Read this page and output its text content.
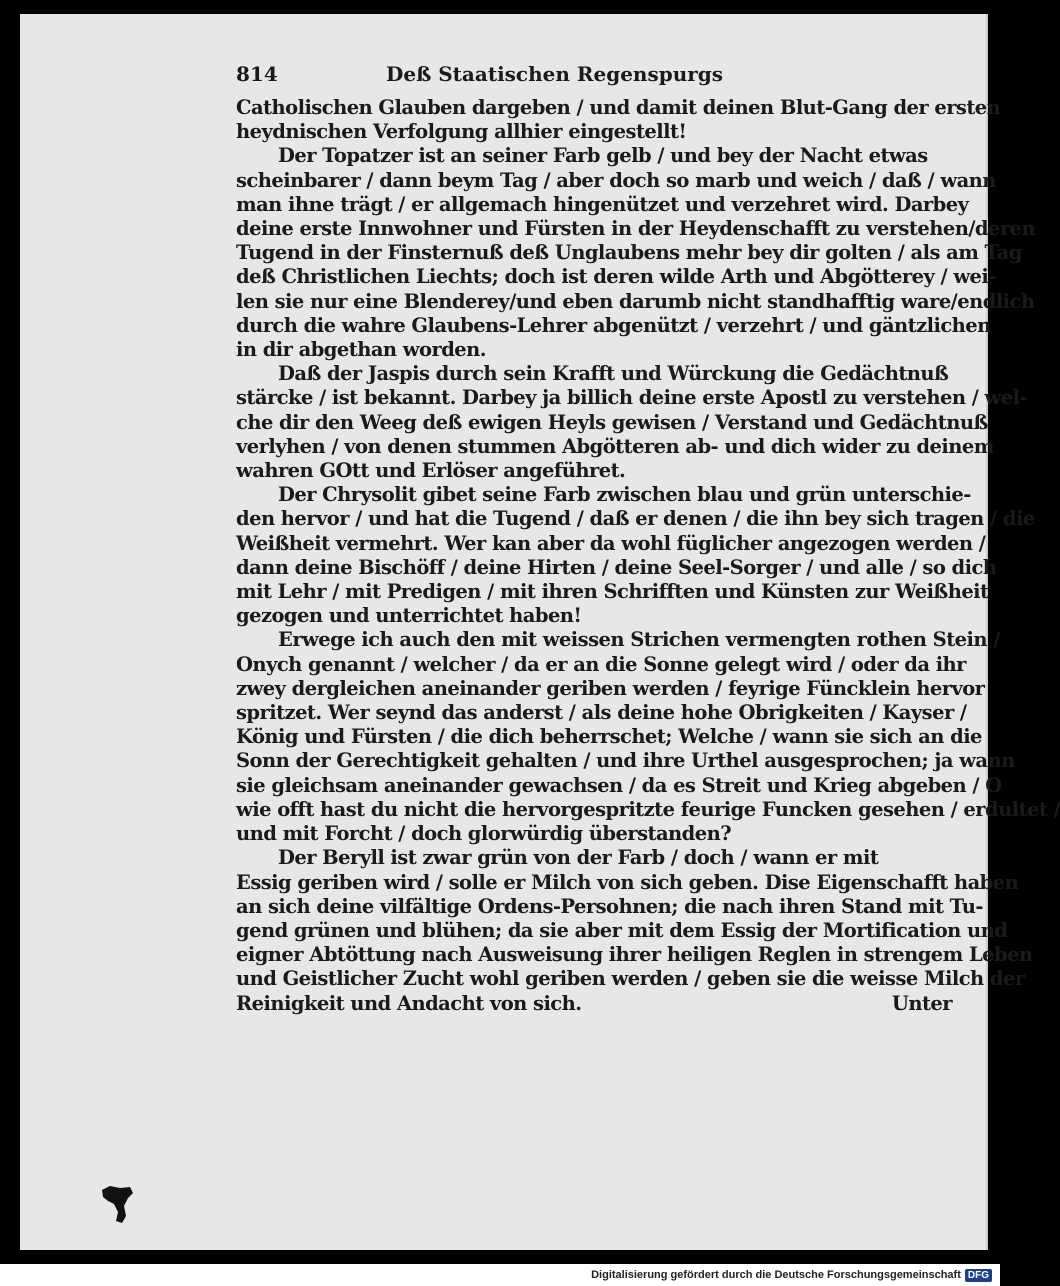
814	Deß Staatischen Regenspurgs
Catholischen Glauben dargeben / und damit deinen Blut-Gang der ersten
heydnischen Verfolgung allhier eingestellt!
Der Topatzer ist an seiner Farb gelb / und bey der Nacht etwas
scheinbarer / dann beym Tag / aber doch so marb und weich / daß / wann
man ihne trägt / er allgemach hingenützet und verzehret wird. Darbey
deine erste Innwohner und Fürsten in der Heydenschafft zu verstehen/deren
Tugend in der Finsternuß deß Unglaubens mehr bey dir golten / als am Tag
deß Christlichen Liechts; doch ist deren wilde Arth und Abgötterey / wei-
len sie nur eine Blenderey/und eben darumb nicht standhafftig ware/endlich
durch die wahre Glaubens-Lehrer abgenützt / verzehrt / und gäntzlichen
in dir abgethan worden.
Daß der Jaspis durch sein Krafft und Würckung die Gedächtnuß
stärcke / ist bekannt. Darbey ja billich deine erste Apostl zu verstehen / wel-
che dir den Weeg deß ewigen Heyls gewisen / Verstand und Gedächtnuß
verlyhen / von denen stummen Abgötteren ab- und dich wider zu deinem
wahren GOtt und Erlöser angeführet.
Der Chrysolit gibet seine Farb zwischen blau und grün unterschie-
den hervor / und hat die Tugend / daß er denen / die ihn bey sich tragen / die
Weißheit vermehrt. Wer kan aber da wohl füglicher angezogen werden /
dann deine Bischöff / deine Hirten / deine Seel-Sorger / und alle / so dich
mit Lehr / mit Predigen / mit ihren Schrifften und Künsten zur Weißheit
gezogen und unterrichtet haben!
Erwege ich auch den mit weissen Strichen vermengten rothen Stein /
Onych genannt / welcher / da er an die Sonne gelegt wird / oder da ihr
zwey dergleichen aneinander geriben werden / feyrige Füncklein hervor
spritzet. Wer seynd das anderst / als deine hohe Obrigkeiten / Kayser /
König und Fürsten / die dich beherrschet; Welche / wann sie sich an die
Sonn der Gerechtigkeit gehalten / und ihre Urthel ausgesprochen; ja wann
sie gleichsam aneinander gewachsen / da es Streit und Krieg abgeben / O
wie offt hast du nicht die hervorgespritzte feurige Funcken gesehen / erdultet /
und mit Forcht / doch glorwürdig überstanden?
Der Beryll ist zwar grün von der Farb / doch / wann er mit
Essig geriben wird / solle er Milch von sich geben. Dise Eigenschafft haben
an sich deine vilfältige Ordens-Persohnen; die nach ihren Stand mit Tu-
gend grünen und blühen; da sie aber mit dem Essig der Mortification und
eigner Abtöttung nach Ausweisung ihrer heiligen Reglen in strengem Leben
und Geistlicher Zucht wohl geriben werden / geben sie die weisse Milch der
Reinigkeit und Andacht von sich.	Unter
Digitalisierung gefördert durch die Deutsche Forschungsgemeinschaft DFG
